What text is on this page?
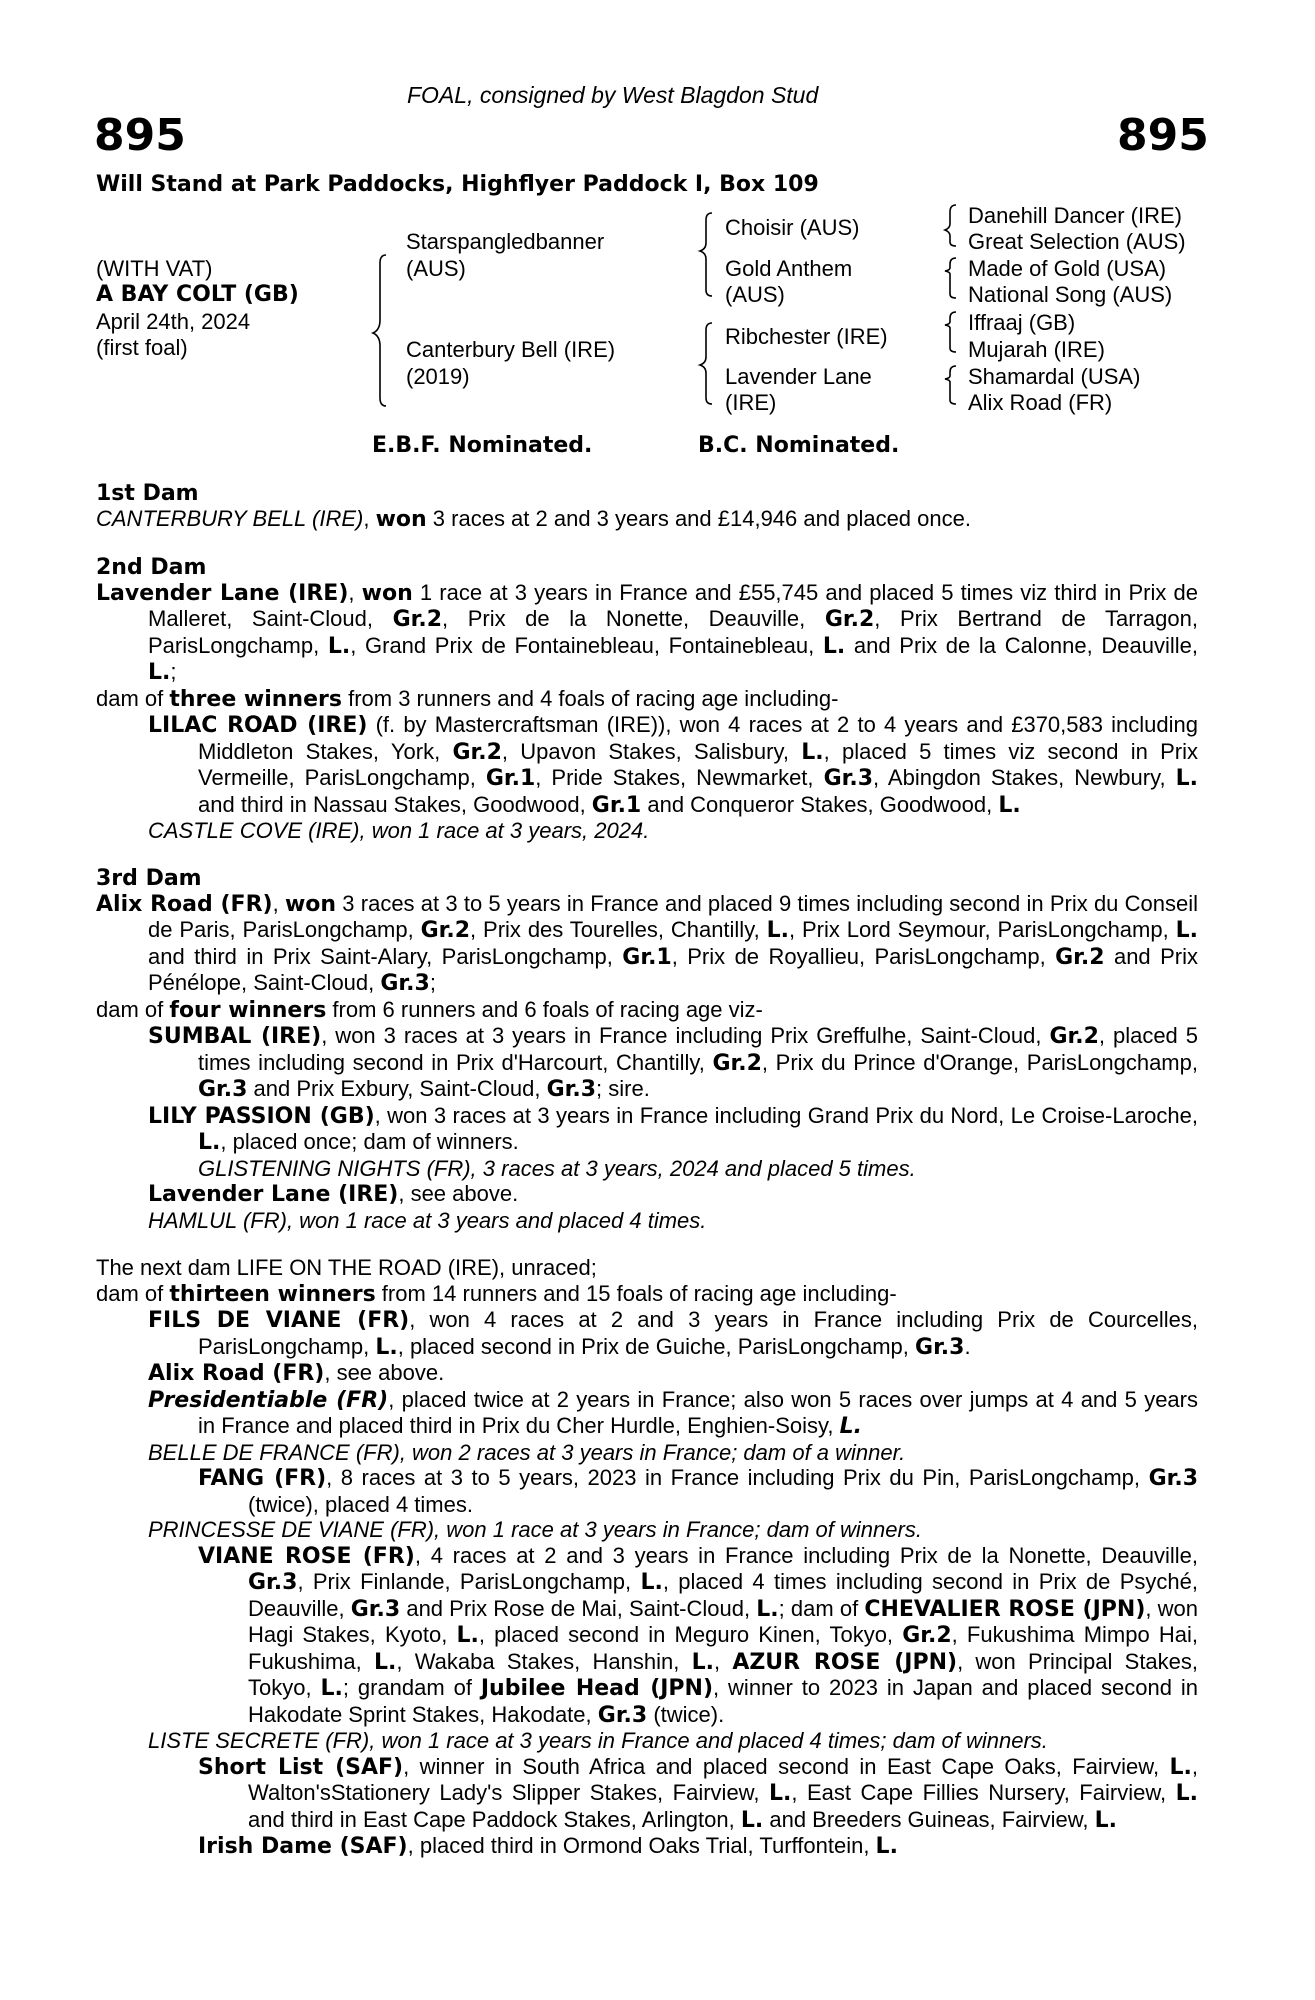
FOAL, consigned by West Blagdon Stud
895	895
Will Stand at Park Paddocks, Highflyer Paddock I, Box 109
(WITH VAT)
A BAY COLT (GB)
April 24th, 2024
(first foal)
Starspangledbanner
(AUS)
Canterbury Bell (IRE)
(2019)
Choisir (AUS)
Gold Anthem
(AUS)
Ribchester (IRE)
Lavender Lane
(IRE)
Danehill Dancer (IRE)
Great Selection (AUS)
Made of Gold (USA)
National Song (AUS)
Iffraaj (GB)
Mujarah (IRE)
Shamardal (USA)
Alix Road (FR)
E.B.F. Nominated.	B.C. Nominated.
1st Dam

CANTERBURY BELL (IRE), won 3 races at 2 and 3 years and £14,946 and placed once.

2nd Dam

Lavender Lane (IRE), won 1 race at 3 years in France and £55,745 and placed 5 times viz third in Prix de Malleret, Saint-Cloud, Gr.2, Prix de la Nonette, Deauville, Gr.2, Prix Bertrand de Tarragon, ParisLongchamp, L., Grand Prix de Fontainebleau, Fontainebleau, L. and Prix de la Calonne, Deauville, L.;

dam of three winners from 3 runners and 4 foals of racing age including-

LILAC ROAD (IRE) (f. by Mastercraftsman (IRE)), won 4 races at 2 to 4 years and £370,583 including Middleton Stakes, York, Gr.2, Upavon Stakes, Salisbury, L., placed 5 times viz second in Prix Vermeille, ParisLongchamp, Gr.1, Pride Stakes, Newmarket, Gr.3, Abingdon Stakes, Newbury, L. and third in Nassau Stakes, Goodwood, Gr.1 and Conqueror Stakes, Goodwood, L.

CASTLE COVE (IRE), won 1 race at 3 years, 2024.

3rd Dam

Alix Road (FR), won 3 races at 3 to 5 years in France and placed 9 times including second in Prix du Conseil de Paris, ParisLongchamp, Gr.2, Prix des Tourelles, Chantilly, L., Prix Lord Seymour, ParisLongchamp, L. and third in Prix Saint-Alary, ParisLongchamp, Gr.1, Prix de Royallieu, ParisLongchamp, Gr.2 and Prix Pénélope, Saint-Cloud, Gr.3;

dam of four winners from 6 runners and 6 foals of racing age viz-

SUMBAL (IRE), won 3 races at 3 years in France including Prix Greffulhe, Saint-Cloud, Gr.2, placed 5 times including second in Prix d'Harcourt, Chantilly, Gr.2, Prix du Prince d'Orange, ParisLongchamp, Gr.3 and Prix Exbury, Saint-Cloud, Gr.3; sire.

LILY PASSION (GB), won 3 races at 3 years in France including Grand Prix du Nord, Le Croise-Laroche, L., placed once; dam of winners.

GLISTENING NIGHTS (FR), 3 races at 3 years, 2024 and placed 5 times.

Lavender Lane (IRE), see above.

HAMLUL (FR), won 1 race at 3 years and placed 4 times.

The next dam LIFE ON THE ROAD (IRE), unraced;

dam of thirteen winners from 14 runners and 15 foals of racing age including-

FILS DE VIANE (FR), won 4 races at 2 and 3 years in France including Prix de Courcelles, ParisLongchamp, L., placed second in Prix de Guiche, ParisLongchamp, Gr.3.

Alix Road (FR), see above.

Presidentiable (FR), placed twice at 2 years in France; also won 5 races over jumps at 4 and 5 years in France and placed third in Prix du Cher Hurdle, Enghien-Soisy, L.

BELLE DE FRANCE (FR), won 2 races at 3 years in France; dam of a winner.

FANG (FR), 8 races at 3 to 5 years, 2023 in France including Prix du Pin, ParisLongchamp, Gr.3 (twice), placed 4 times.

PRINCESSE DE VIANE (FR), won 1 race at 3 years in France; dam of winners.

VIANE ROSE (FR), 4 races at 2 and 3 years in France including Prix de la Nonette, Deauville, Gr.3, Prix Finlande, ParisLongchamp, L., placed 4 times including second in Prix de Psyché, Deauville, Gr.3 and Prix Rose de Mai, Saint-Cloud, L.; dam of CHEVALIER ROSE (JPN), won Hagi Stakes, Kyoto, L., placed second in Meguro Kinen, Tokyo, Gr.2, Fukushima Mimpo Hai, Fukushima, L., Wakaba Stakes, Hanshin, L., AZUR ROSE (JPN), won Principal Stakes, Tokyo, L.; grandam of Jubilee Head (JPN), winner to 2023 in Japan and placed second in Hakodate Sprint Stakes, Hakodate, Gr.3 (twice).

LISTE SECRETE (FR), won 1 race at 3 years in France and placed 4 times; dam of winners.

Short List (SAF), winner in South Africa and placed second in East Cape Oaks, Fairview, L., Walton'sStationery Lady's Slipper Stakes, Fairview, L., East Cape Fillies Nursery, Fairview, L. and third in East Cape Paddock Stakes, Arlington, L. and Breeders Guineas, Fairview, L.

Irish Dame (SAF), placed third in Ormond Oaks Trial, Turffontein, L.
